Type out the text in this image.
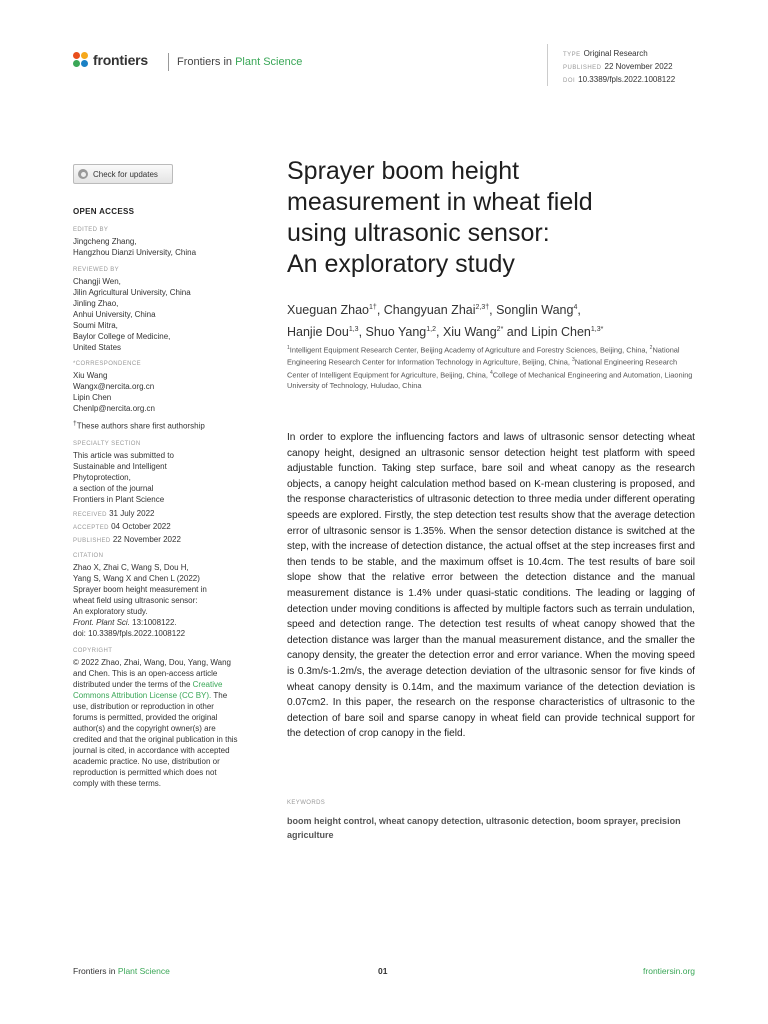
frontiers	Frontiers in Plant Science
TYPE Original Research
PUBLISHED 22 November 2022
DOI 10.3389/fpls.2022.1008122
Check for updates
OPEN ACCESS
EDITED BY
Jingcheng Zhang,
Hangzhou Dianzi University, China
REVIEWED BY
Changji Wen,
Jilin Agricultural University, China
Jinling Zhao,
Anhui University, China
Soumi Mitra,
Baylor College of Medicine,
United States
*CORRESPONDENCE
Xiu Wang
Wangx@nercita.org.cn
Lipin Chen
Chenlp@nercita.org.cn
†These authors share first authorship
SPECIALTY SECTION
This article was submitted to
Sustainable and Intelligent
Phytoprotection,
a section of the journal
Frontiers in Plant Science
RECEIVED 31 July 2022
ACCEPTED 04 October 2022
PUBLISHED 22 November 2022
CITATION
Zhao X, Zhai C, Wang S, Dou H,
Yang S, Wang X and Chen L (2022)
Sprayer boom height measurement in
wheat field using ultrasonic sensor:
An exploratory study.
Front. Plant Sci. 13:1008122.
doi: 10.3389/fpls.2022.1008122
COPYRIGHT
© 2022 Zhao, Zhai, Wang, Dou, Yang, Wang and Chen. This is an open-access article distributed under the terms of the Creative Commons Attribution License (CC BY). The use, distribution or reproduction in other forums is permitted, provided the original author(s) and the copyright owner(s) are credited and that the original publication in this journal is cited, in accordance with accepted academic practice. No use, distribution or reproduction is permitted which does not comply with these terms.
Sprayer boom height
measurement in wheat field
using ultrasonic sensor:
An exploratory study
Xueguan Zhao$^{1\dagger}$, Changyuan Zhai$^{2,3\dagger}$, Songlin Wang$^4$,
Hanjie Dou$^{1,3}$, Shuo Yang$^{1,2}$, Xiu Wang$^{2*}$ and Lipin Chen$^{1,3*}$
$^1$Intelligent Equipment Research Center, Beijing Academy of Agriculture and Forestry Sciences, Beijing, China, $^2$National Engineering Research Center for Information Technology in Agriculture, Beijing, China, $^3$National Engineering Research Center of Intelligent Equipment for Agriculture, Beijing, China, $^4$College of Mechanical Engineering and Automation, Liaoning University of Technology, Huludao, China
In order to explore the influencing factors and laws of ultrasonic sensor detecting wheat canopy height, designed an ultrasonic sensor detection height test platform with speed adjustable function. Taking step surface, bare soil and wheat canopy as the research objects, a canopy height calculation method based on K-mean clustering is proposed, and the response characteristics of ultrasonic detection to three media under different operating speeds are explored. Firstly, the step detection test results show that the average detection error of ultrasonic sensor is 1.35%. When the sensor detection distance is switched at the step, with the increase of detection distance, the actual offset at the step increases first and then tends to be stable, and the maximum offset is 10.4cm. The test results of bare soil slope show that the relative error between the detection distance and the manual measurement distance is 1.4% under quasi-static conditions. The leading or lagging of detection under moving conditions is affected by multiple factors such as terrain undulation, speed and detection range. The detection test results of wheat canopy showed that the detection distance was larger than the manual measurement distance, and the smaller the canopy density, the greater the detection error and error variance. When the moving speed is 0.3m/s-1.2m/s, the average detection deviation of the ultrasonic sensor for five kinds of wheat canopy density is 0.14m, and the maximum variance of the detection deviation is 0.07cm2. In this paper, the research on the response characteristics of ultrasonic to the detection of bare soil and sparse canopy in wheat field can provide technical support for the detection of crop canopy in the field.
KEYWORDS
boom height control, wheat canopy detection, ultrasonic detection, boom sprayer, precision agriculture
Frontiers in Plant Science	01	frontiersin.org
